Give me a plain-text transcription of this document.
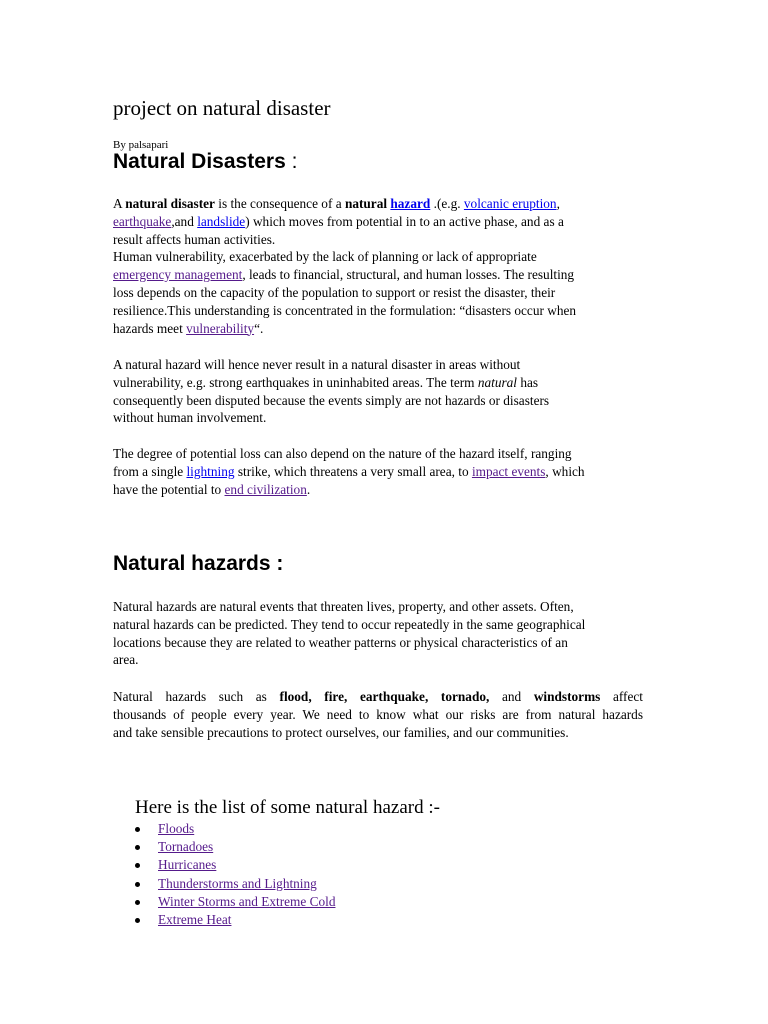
project on natural disaster
By palsapari
Natural Disasters :
A natural disaster is the consequence of a natural hazard .(e.g. volcanic eruption,
earthquake,and landslide) which moves from potential in to an active phase, and as a
result affects human activities.
Human vulnerability, exacerbated by the lack of planning or lack of appropriate
emergency management, leads to financial, structural, and human losses. The resulting
loss depends on the capacity of the population to support or resist the disaster, their
resilience.This understanding is concentrated in the formulation: “disasters occur when
hazards meet vulnerability“.
A natural hazard will hence never result in a natural disaster in areas without
vulnerability, e.g. strong earthquakes in uninhabited areas. The term natural has
consequently been disputed because the events simply are not hazards or disasters
without human involvement.
The degree of potential loss can also depend on the nature of the hazard itself, ranging
from a single lightning strike, which threatens a very small area, to impact events, which
have the potential to end civilization.
Natural hazards :
Natural hazards are natural events that threaten lives, property, and other assets. Often,
natural hazards can be predicted. They tend to occur repeatedly in the same geographical
locations because they are related to weather patterns or physical characteristics of an
area.
Natural hazards such as flood, fire, earthquake, tornado, and windstorms affect
thousands of people every year. We need to know what our risks are from natural hazards
and take sensible precautions to protect ourselves, our families, and our communities.
Here is the list of some natural hazard :-
Floods
Tornadoes
Hurricanes
Thunderstorms and Lightning
Winter Storms and Extreme Cold
Extreme Heat
